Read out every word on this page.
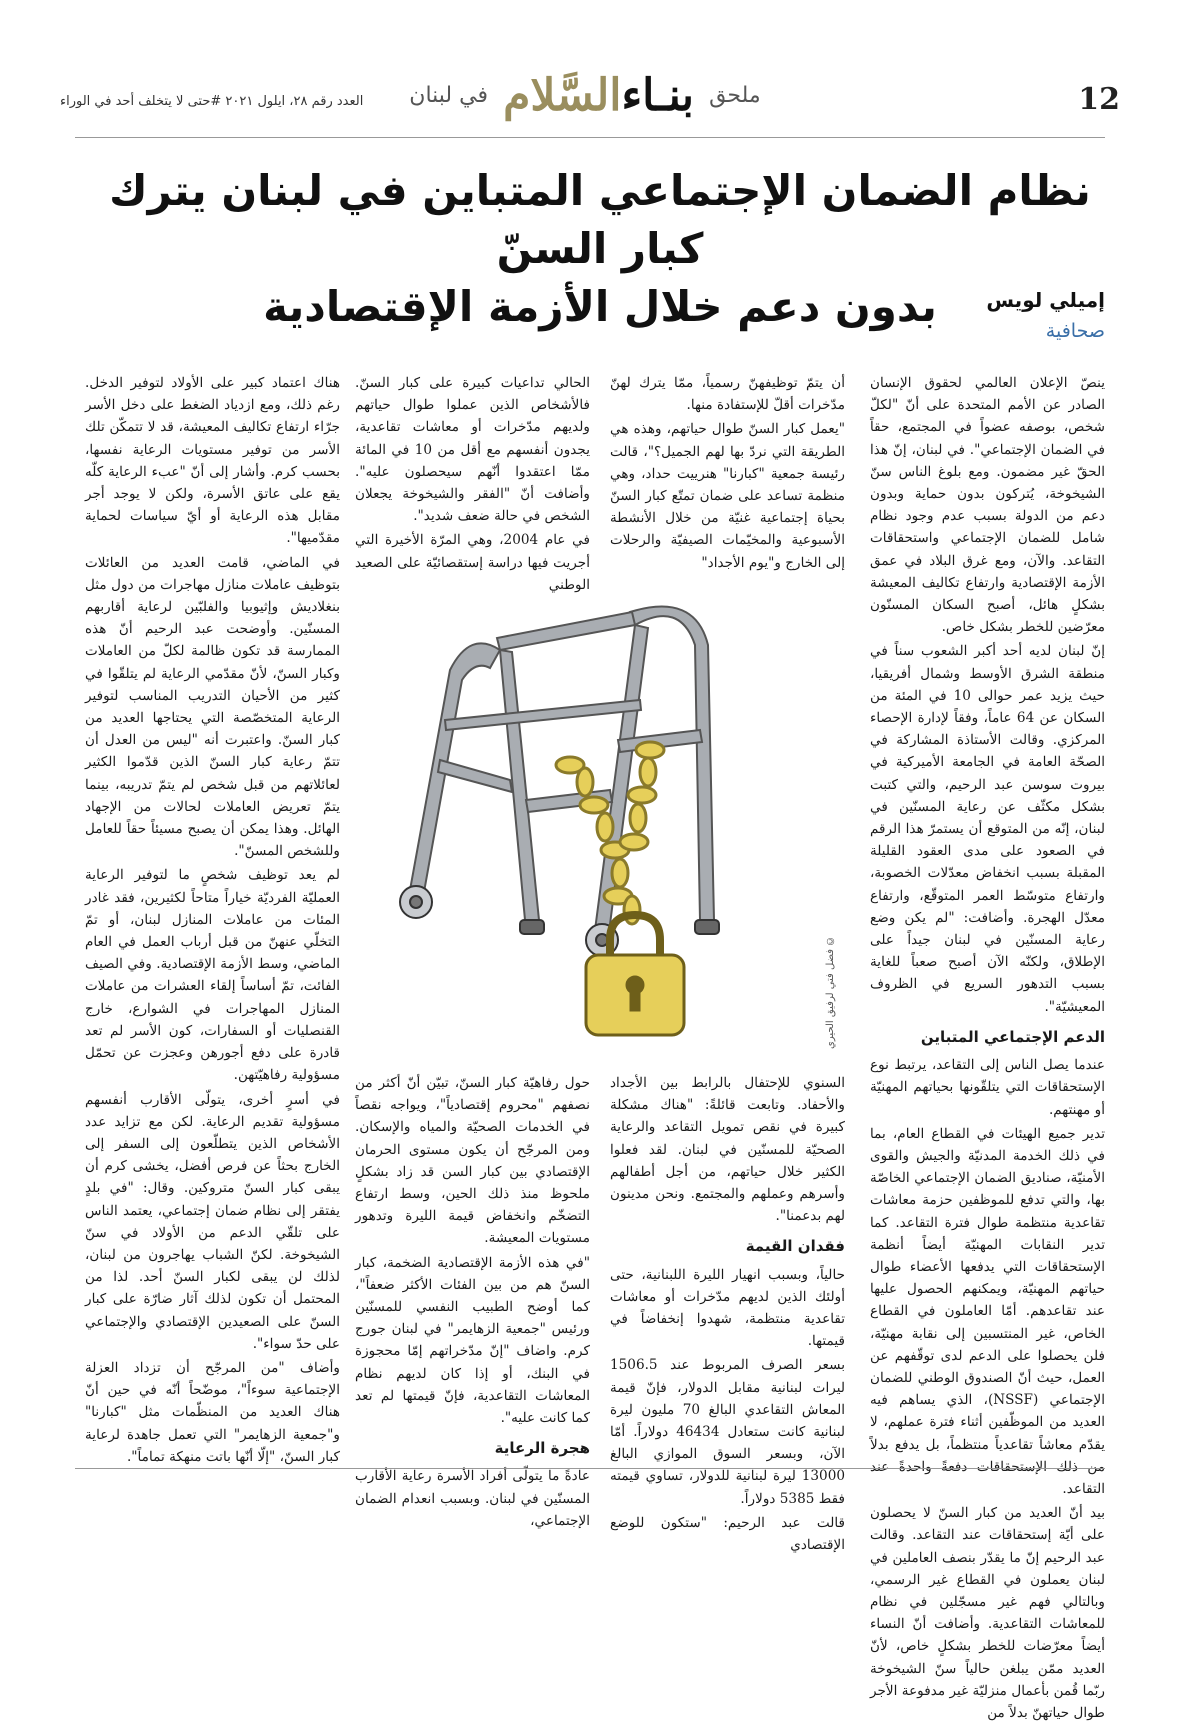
12
ملحق بنـاءالسَّلام في لبنان
العدد رقم ٢٨، ايلول ٢٠٢١ #حتى لا يتخلف أحد في الوراء
نظام الضمان الإجتماعي المتباين في لبنان يترك كبار السنّ
بدون دعم خلال الأزمة الإقتصادية	إميلي لويس
صحافية

ينصّ الإعلان العالمي لحقوق الإنسان الصادر عن الأمم المتحدة على أنّ "لكلّ شخص، بوصفه عضواً في المجتمع، حقاً في الضمان الإجتماعي". في لبنان، إنّ هذا الحقّ غير مضمون. ومع بلوغ الناس سنّ الشيخوخة، يُتركون بدون حماية وبدون دعم من الدولة بسبب عدم وجود نظام شامل للضمان الإجتماعي واستحقاقات التقاعد. والآن، ومع غرق البلاد في عمق الأزمة الإقتصادية وارتفاع تكاليف المعيشة بشكلٍ هائل، أصبح السكان المسنّون معرّضين للخطر بشكل خاص.

إنّ لبنان لديه أحد أكبر الشعوب سناً في منطقة الشرق الأوسط وشمال أفريقيا، حيث يزيد عمر حوالى 10 في المئة من السكان عن 64 عاماً، وفقاً لإدارة الإحصاء المركزي. وقالت الأستاذة المشاركة في الصحّة العامة في الجامعة الأميركية في بيروت سوسن عبد الرحيم، والتي كتبت بشكل مكثّف عن رعاية المسنّين في لبنان، إنّه من المتوقع أن يستمرّ هذا الرقم في الصعود على مدى العقود القليلة المقبلة بسبب انخفاض معدّلات الخصوبة، وارتفاع متوسّط العمر المتوقّع، وارتفاع معدّل الهجرة. وأضافت: "لم يكن وضع رعاية المسنّين في لبنان جيداً على الإطلاق، ولكنّه الآن أصبح صعباً للغاية بسبب التدهور السريع في الظروف المعيشيّة".

الدعم الإجتماعي المتباين

عندما يصل الناس إلى التقاعد، يرتبط نوع الإستحقاقات التي يتلقّونها بحياتهم المهنيّة أو مهنتهم.

تدير جميع الهيئات في القطاع العام، بما في ذلك الخدمة المدنيّة والجيش والقوى الأمنيّة، صناديق الضمان الإجتماعي الخاصّة بها، والتي تدفع للموظفين حزمة معاشات تقاعدية منتظمة طوال فترة التقاعد. كما تدير النقابات المهنيّة أيضاً أنظمة الإستحقاقات التي يدفعها الأعضاء طوال حياتهم المهنيّة، ويمكنهم الحصول عليها عند تقاعدهم. أمّا العاملون في القطاع الخاص، غير المنتسبين إلى نقابة مهنيّة، فلن يحصلوا على الدعم لدى توقّفهم عن العمل، حيث أنّ الصندوق الوطني للضمان الإجتماعي (NSSF)، الذي يساهم فيه العديد من الموظّفين أثناء فترة عملهم، لا يقدّم معاشاً تقاعدياً منتظماً، بل يدفع بدلاً من ذلك الإستحقاقات دفعةً واحدةً عند التقاعد.

بيد أنّ العديد من كبار السنّ لا يحصلون على أيّة إستحقاقات عند التقاعد. وقالت عبد الرحيم إنّ ما يقدّر بنصف العاملين في لبنان يعملون في القطاع غير الرسمي، وبالتالي فهم غير مسجّلين في نظام للمعاشات التقاعدية. وأضافت أنّ النساء أيضاً معرّضات للخطر بشكلٍ خاص، لأنّ العديد ممّن يبلغن حالياً سنّ الشيخوخة ربّما قُمن بأعمال منزليّة غير مدفوعة الأجر طوال حياتهنّ بدلاً من

أن يتمّ توظيفهنّ رسمياً، ممّا يترك لهنّ مدّخرات أقلّ للإستفادة منها.

"يعمل كبار السنّ طوال حياتهم، وهذه هي الطريقة التي نردّ بها لهم الجميل؟"، قالت رئيسة جمعية "كبارنا" هنرييت حداد، وهي منظمة تساعد على ضمان تمتّع كبار السنّ بحياة إجتماعية غنيّة من خلال الأنشطة الأسبوعية والمخيّمات الصيفيّة والرحلات إلى الخارج و"يوم الأجداد"

الحالي تداعيات كبيرة على كبار السنّ. فالأشخاص الذين عملوا طوال حياتهم ولديهم مدّخرات أو معاشات تقاعدية، يجدون أنفسهم مع أقل من 10 في المائة ممّا اعتقدوا أنّهم سيحصلون عليه". وأضافت أنّ "الفقر والشيخوخة يجعلان الشخص في حالة ضعف شديد".

في عام 2004، وهي المرّة الأخيرة التي أجريت فيها دراسة إستقصائيّة على الصعيد الوطني

هناك اعتماد كبير على الأولاد لتوفير الدخل. رغم ذلك، ومع ازدياد الضغط على دخل الأسر جرّاء ارتفاع تكاليف المعيشة، قد لا تتمكّن تلك الأسر من توفير مستويات الرعاية نفسها، بحسب كرم. وأشار إلى أنّ "عبء الرعاية كلّه يقع على عاتق الأسرة، ولكن لا يوجد أجر مقابل هذه الرعاية أو أيّ سياسات لحماية مقدّميها".

في الماضي، قامت العديد من العائلات بتوظيف عاملات منازل مهاجرات من دول مثل بنغلاديش وإثيوبيا والفلبّين لرعاية أقاربهم المسنّين. وأوضحت عبد الرحيم أنّ هذه الممارسة قد تكون ظالمة لكلّ من العاملات وكبار السنّ، لأنّ مقدّمي الرعاية لم يتلقّوا في كثير من الأحيان التدريب المناسب لتوفير الرعاية المتخصّصة التي يحتاجها العديد من كبار السنّ. واعتبرت أنه "ليس من العدل أن تتمّ رعاية كبار السنّ الذين قدّموا الكثير لعائلاتهم من قبل شخص لم يتمّ تدريبه، بينما يتمّ تعريض العاملات لحالات من الإجهاد الهائل. وهذا يمكن أن يصبح مسيئاً حقاً للعامل وللشخص المسنّ".

لم يعد توظيف شخصٍ ما لتوفير الرعاية العمليّة الفرديّة خياراً متاحاً لكثيرين، فقد غادر المئات من عاملات المنازل لبنان، أو تمّ التخلّي عنهنّ من قبل أرباب العمل في العام الماضي، وسط الأزمة الإقتصادية. وفي الصيف الفائت، تمّ أساساً إلقاء العشرات من عاملات المنازل المهاجرات في الشوارع، خارج القنصليات أو السفارات، كون الأسر لم تعد قادرة على دفع أجورهن وعجزت عن تحمّل مسؤولية رفاهيّتهن.

في أسرٍ أخرى، يتولّى الأقارب أنفسهم مسؤولية تقديم الرعاية. لكن مع تزايد عدد الأشخاص الذين يتطلّعون إلى السفر إلى الخارج بحثاً عن فرص أفضل، يخشى كرم أن يبقى كبار السنّ متروكين. وقال: "في بلدٍ يفتقر إلى نظام ضمان إجتماعي، يعتمد الناس على تلقّي الدعم من الأولاد في سنّ الشيخوخة. لكنّ الشباب يهاجرون من لبنان، لذلك لن يبقى لكبار السنّ أحد. لذا من المحتمل أن تكون لذلك آثار ضارّة على كبار السنّ على الصعيدين الإقتصادي والإجتماعي على حدّ سواء".

وأضاف "من المرجّح أن تزداد العزلة الإجتماعية سوءاً"، موضّحاً أنّه في حين أنّ هناك العديد من المنظّمات مثل "كبارنا" و"جمعية الزهايمر" التي تعمل جاهدة لرعاية كبار السنّ، "إلّا أنّها باتت منهكة تماماً".

© فضل فتي لرفيق الحيري

السنوي للإحتفال بالرابط بين الأجداد والأحفاد. وتابعت قائلةً: "هناك مشكلة كبيرة في نقص تمويل التقاعد والرعاية الصحيّة للمسنّين في لبنان. لقد فعلوا الكثير خلال حياتهم، من أجل أطفالهم وأسرهم وعملهم والمجتمع. ونحن مدينون لهم بدعمنا".

فقدان القيمة

حالياً، وبسبب انهيار الليرة اللبنانية، حتى أولئك الذين لديهم مدّخرات أو معاشات تقاعدية منتظمة، شهدوا إنخفاضاً في قيمتها.

بسعر الصرف المربوط عند 1506.5 ليرات لبنانية مقابل الدولار، فإنّ قيمة المعاش التقاعدي البالغ 70 مليون ليرة لبنانية كانت ستعادل 46434 دولاراً. أمّا الآن، وبسعر السوق الموازي البالغ 13000 ليرة لبنانية للدولار، تساوي قيمته فقط 5385 دولاراً.

قالت عبد الرحيم: "ستكون للوضع الإقتصادي

حول رفاهيّة كبار السنّ، تبيّن أنّ أكثر من نصفهم "محروم إقتصادياً"، ويواجه نقصاً في الخدمات الصحيّة والمياه والإسكان. ومن المرجّح أن يكون مستوى الحرمان الإقتصادي بين كبار السن قد زاد بشكلٍ ملحوظ منذ ذلك الحين، وسط ارتفاع التضخّم وانخفاض قيمة الليرة وتدهور مستويات المعيشة.

"في هذه الأزمة الإقتصادية الضخمة، كبار السنّ هم من بين الفئات الأكثر ضعفاً"، كما أوضح الطبيب النفسي للمسنّين ورئيس "جمعية الزهايمر" في لبنان جورج كرم. واضاف "إنّ مدّخراتهم إمّا محجوزة في البنك، أو إذا كان لديهم نظام المعاشات التقاعدية، فإنّ قيمتها لم تعد كما كانت عليه".

هجرة الرعاية

عادةً ما يتولّى أفراد الأسرة رعاية الأقارب المسنّين في لبنان. وبسبب انعدام الضمان الإجتماعي،
